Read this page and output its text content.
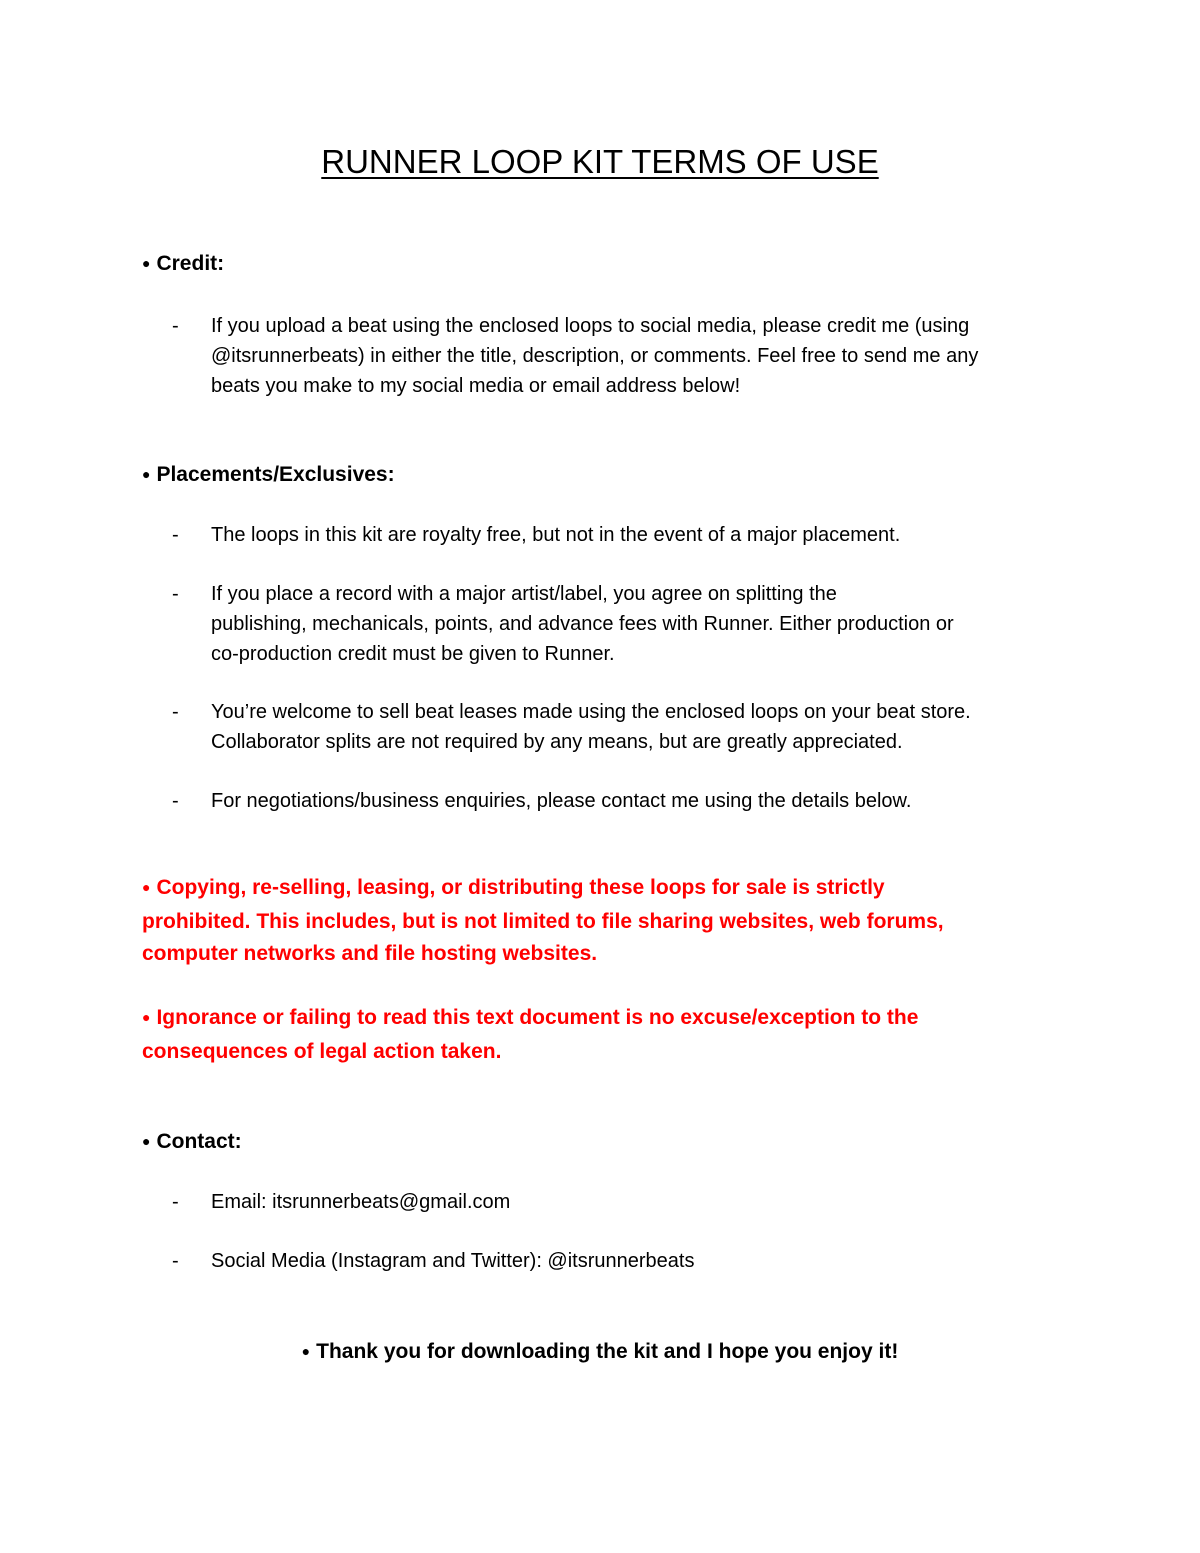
RUNNER LOOP KIT TERMS OF USE
● Credit:
- If you upload a beat using the enclosed loops to social media, please credit me (using
@itsrunnerbeats) in either the title, description, or comments. Feel free to send me any
beats you make to my social media or email address below!
● Placements/Exclusives:
- The loops in this kit are royalty free, but not in the event of a major placement.
- If you place a record with a major artist/label, you agree on splitting the
publishing, mechanicals, points, and advance fees with Runner. Either production or
co-production credit must be given to Runner.
- You’re welcome to sell beat leases made using the enclosed loops on your beat store.
Collaborator splits are not required by any means, but are greatly appreciated.
- For negotiations/business enquiries, please contact me using the details below.
● Copying, re-selling, leasing, or distributing these loops for sale is strictly
prohibited. This includes, but is not limited to file sharing websites, web forums,
computer networks and file hosting websites.
● Ignorance or failing to read this text document is no excuse/exception to the
consequences of legal action taken.
● Contact:
- Email: itsrunnerbeats@gmail.com
- Social Media (Instagram and Twitter): @itsrunnerbeats
● Thank you for downloading the kit and I hope you enjoy it!
